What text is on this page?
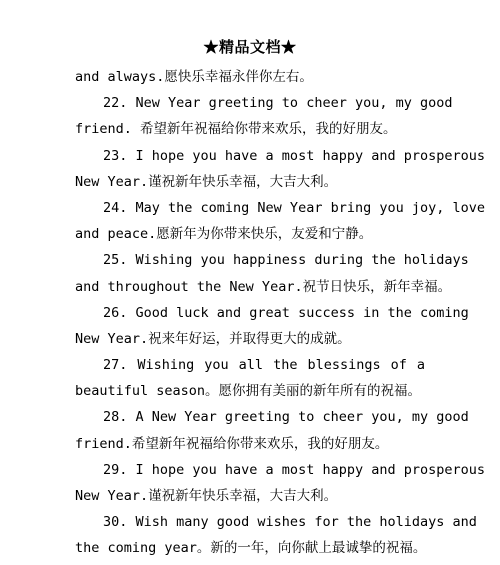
★精品文档★
and always.愿快乐幸福永伴你左右。
22. New Year greeting to cheer you, my good
friend. 希望新年祝福给你带来欢乐，我的好朋友。
23. I hope you have a most happy and prosperous
New Year.谨祝新年快乐幸福，大吉大利。
24. May the coming New Year bring you joy, love
and peace.愿新年为你带来快乐，友爱和宁静。
25. Wishing you happiness during the holidays
and throughout the New Year.祝节日快乐，新年幸福。
26. Good luck and great success in the coming
New Year.祝来年好运，并取得更大的成就。
27. Wishing you all the blessings of a
beautiful season。愿你拥有美丽的新年所有的祝福。
28. A New Year greeting to cheer you, my good
friend.希望新年祝福给你带来欢乐，我的好朋友。
29. I hope you have a most happy and prosperous
New Year.谨祝新年快乐幸福，大吉大利。
30. Wish many good wishes for the holidays and
the coming year。新的一年，向你献上最诚挚的祝福。
